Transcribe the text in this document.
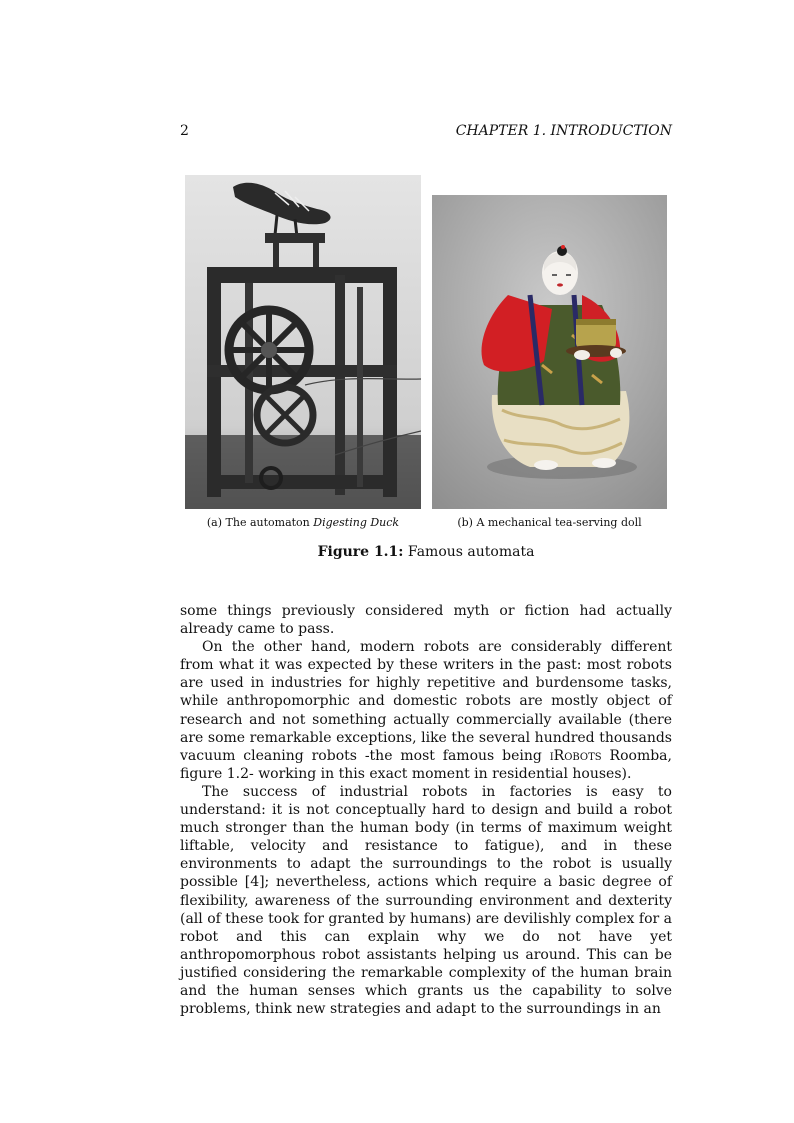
2	CHAPTER 1. INTRODUCTION
(a) The automaton Digesting Duck	(b) A mechanical tea-serving doll
Figure 1.1: Famous automata

some things previously considered myth or fiction had actually already came to pass.

On the other hand, modern robots are considerably different from what it was expected by these writers in the past: most robots are used in industries for highly repetitive and burdensome tasks, while anthropomorphic and domestic robots are mostly object of research and not something actually commercially available (there are some remarkable exceptions, like the several hundred thousands vacuum cleaning robots -the most famous being iRobots Roomba, figure 1.2- working in this exact moment in residential houses).

The success of industrial robots in factories is easy to understand: it is not conceptually hard to design and build a robot much stronger than the human body (in terms of maximum weight liftable, velocity and resistance to fatigue), and in these environments to adapt the surroundings to the robot is usually possible [4]; nevertheless, actions which require a basic degree of flexibility, awareness of the surrounding environment and dexterity (all of these took for granted by humans) are devilishly complex for a robot and this can explain why we do not have yet anthropomorphous robot assistants helping us around. This can be justified considering the remarkable complexity of the human brain and the human senses which grants us the capability to solve problems, think new strategies and adapt to the surroundings in an
